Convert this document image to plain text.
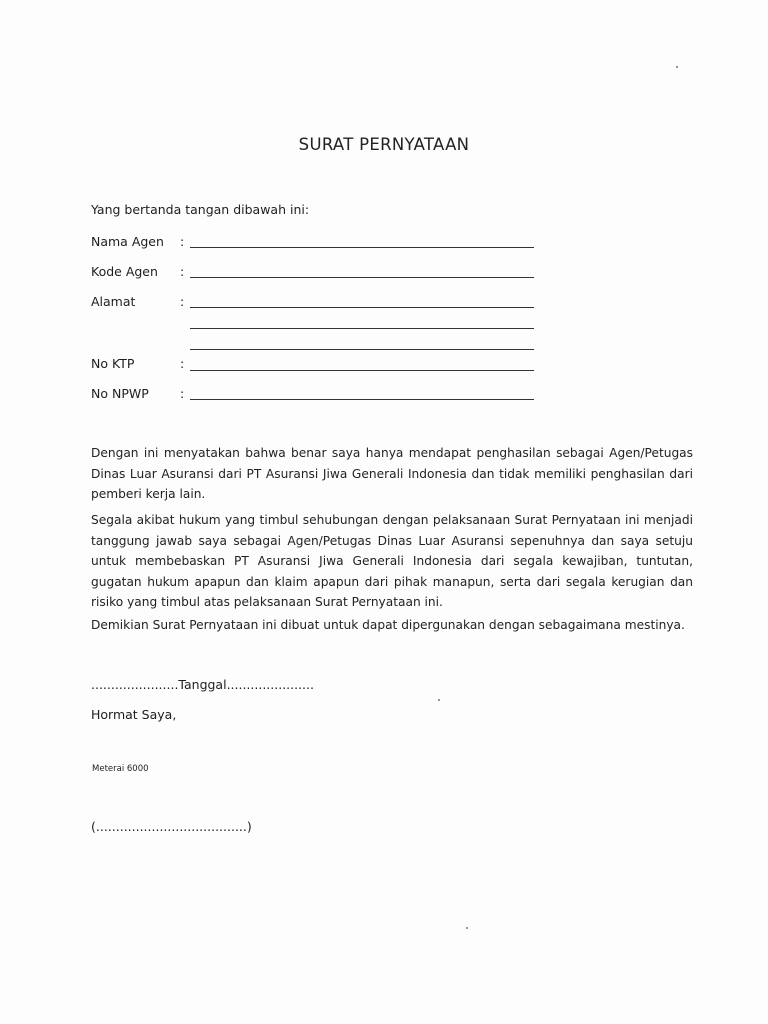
SURAT PERNYATAAN
Yang bertanda tangan dibawah ini:
Nama Agen :
Kode Agen :
Alamat	:
No KTP	:
No NPWP :
Dengan ini menyatakan bahwa benar saya hanya mendapat penghasilan sebagai Agen/Petugas Dinas Luar Asuransi dari PT Asuransi Jiwa Generali Indonesia dan tidak memiliki penghasilan dari pemberi kerja lain.
Segala akibat hukum yang timbul sehubungan dengan pelaksanaan Surat Pernyataan ini menjadi tanggung jawab saya sebagai Agen/Petugas Dinas Luar Asuransi sepenuhnya dan saya setuju untuk membebaskan PT Asuransi Jiwa Generali Indonesia dari segala kewajiban, tuntutan, gugatan hukum apapun dan klaim apapun dari pihak manapun, serta dari segala kerugian dan risiko yang timbul atas pelaksanaan Surat Pernyataan ini.
Demikian Surat Pernyataan ini dibuat untuk dapat dipergunakan dengan sebagaimana mestinya.
......................Tanggal......................
Hormat Saya,
Meterai 6000
(......................................)
